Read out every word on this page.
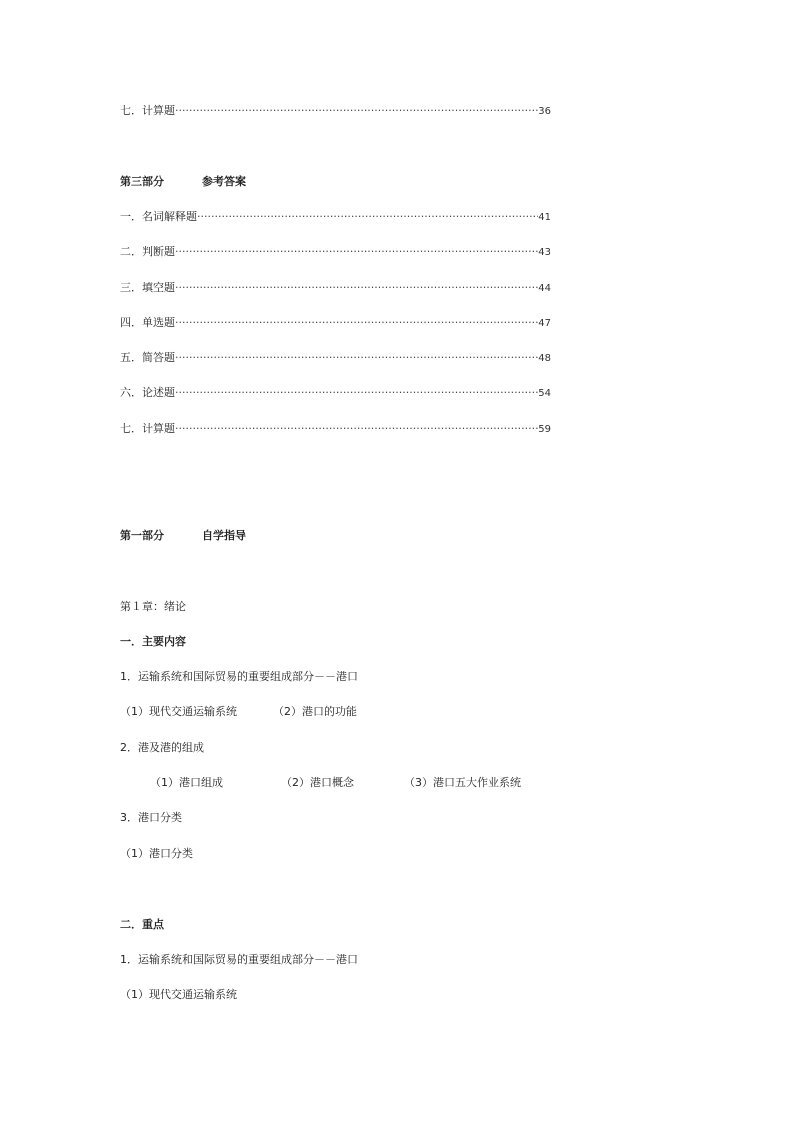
七．计算题 ·····	36
第三部分	参考答案
一．名词解释题 ·····	41
二．判断题 ·····	43
三．填空题 ·····	44
四．单选题 ·····	47
五．简答题 ·····	48
六．论述题 ·····	54
七．计算题 ·····	59
第一部分	自学指导
第１章：绪论
一．主要内容
1．运输系统和国际贸易的重要组成部分－－港口
（1）现代交通运输系统	（2）港口的功能
2．港及港的组成
（1）港口组成	（2）港口概念	（3）港口五大作业系统
3．港口分类
（1）港口分类
二．重点
1．运输系统和国际贸易的重要组成部分－－港口
（1）现代交通运输系统
